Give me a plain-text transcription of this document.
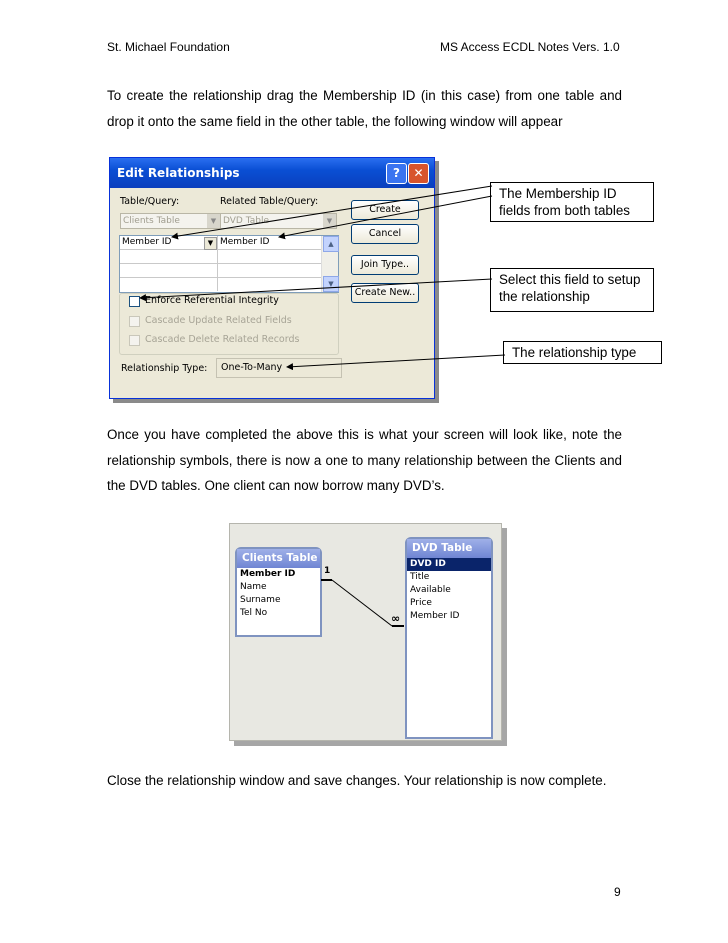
St. Michael Foundation	MS Access ECDL Notes Vers. 1.0

To create the relationship drag the Membership ID (in this case) from one table and drop it onto the same field in the other table, the following window will appear

Edit Relationships	?	✕
Table/Query:	Related Table/Query:
Clients Table	▼ DVD Table	▼
Member ID	▼ Member ID	▲
▼
Create
Cancel
Join Type..
Create New..
Enforce Referential Integrity
Cascade Update Related Fields
Cascade Delete Related Records
Relationship Type:	One-To-Many
The Membership ID fields from both tables
Select this field to setup the relationship
The relationship type

Once you have completed the above this is what your screen will look like, note the relationship symbols, there is now a one to many relationship between the Clients and the DVD tables. One client can now borrow many DVD’s.

Clients Table
Member ID
Name
Surname
Tel No
DVD Table
DVD ID
Title
Available
Price
Member ID
1
∞

Close the relationship window and save changes. Your relationship is now complete.

9
